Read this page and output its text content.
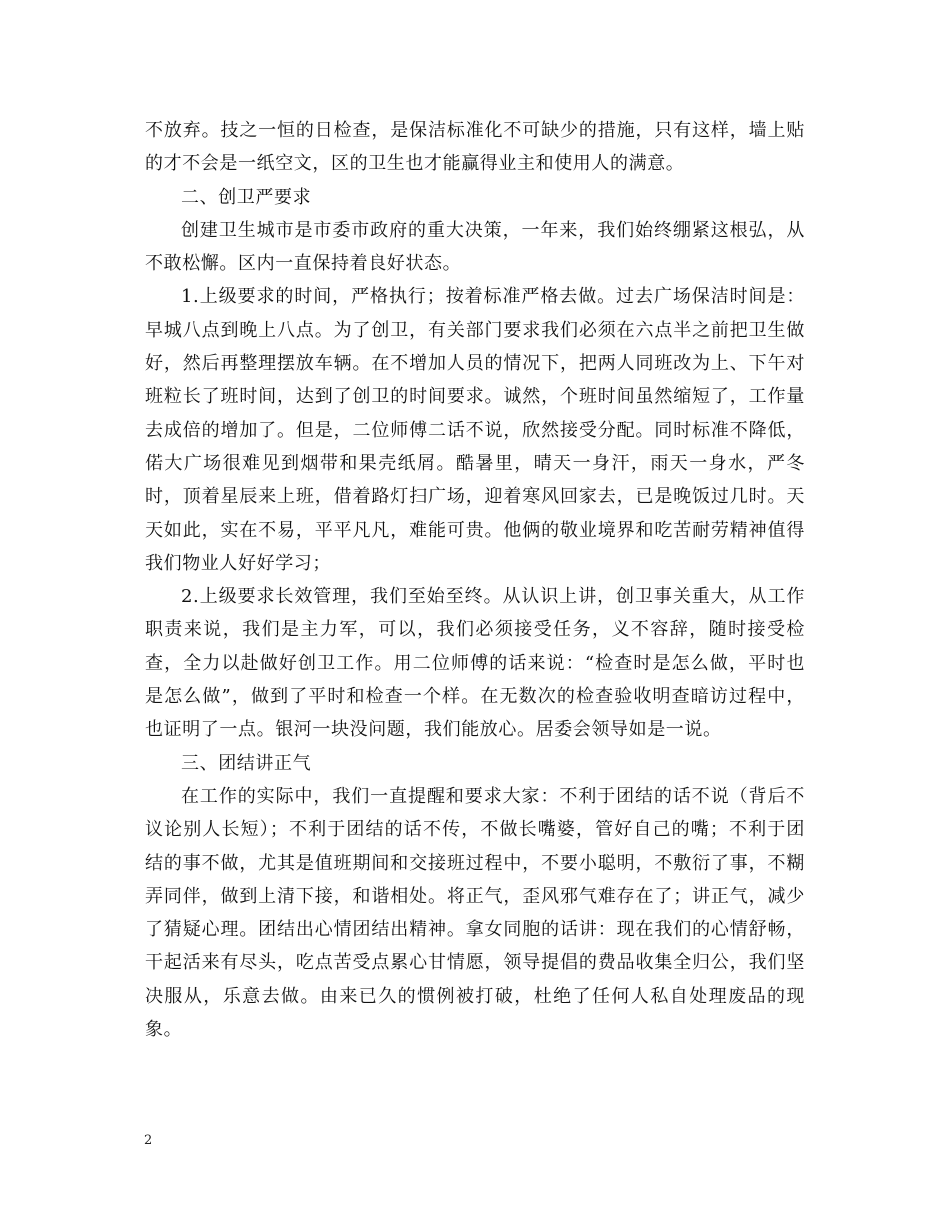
不放弃。技之一恒的日检查，是保洁标准化不可缺少的措施，只有这样，墙上贴的才不会是一纸空文，区的卫生也才能赢得业主和使用人的满意。

二、创卫严要求

创建卫生城市是市委市政府的重大决策，一年来，我们始终绷紧这根弘，从不敢松懈。区内一直保持着良好状态。

1.上级要求的时间，严格执行；按着标准严格去做。过去广场保洁时间是：早城八点到晚上八点。为了创卫，有关部门要求我们必须在六点半之前把卫生做好，然后再整理摆放车辆。在不增加人员的情况下，把两人同班改为上、下午对班粒长了班时间，达到了创卫的时间要求。诚然，个班时间虽然缩短了，工作量去成倍的增加了。但是，二位师傅二话不说，欣然接受分配。同时标准不降低，偌大广场很难见到烟带和果壳纸屑。酷暑里，晴天一身汗，雨天一身水，严冬时，顶着星辰来上班，借着路灯扫广场，迎着寒风回家去，已是晚饭过几时。天天如此，实在不易，平平凡凡，难能可贵。他俩的敬业境界和吃苦耐劳精神值得我们物业人好好学习；

2.上级要求长效管理，我们至始至终。从认识上讲，创卫事关重大，从工作职责来说，我们是主力军，可以，我们必须接受任务，义不容辞，随时接受检查，全力以赴做好创卫工作。用二位师傅的话来说：“检查时是怎么做，平时也是怎么做”，做到了平时和检查一个样。在无数次的检查验收明查暗访过程中，也证明了一点。银河一块没问题，我们能放心。居委会领导如是一说。

三、团结讲正气

在工作的实际中，我们一直提醒和要求大家：不利于团结的话不说（背后不议论别人长短）；不利于团结的话不传，不做长嘴婆，管好自己的嘴；不利于团结的事不做，尤其是值班期间和交接班过程中，不要小聪明，不敷衍了事，不糊弄同伴，做到上清下接，和谐相处。将正气，歪风邪气难存在了；讲正气，减少了猜疑心理。团结出心情团结出精神。拿女同胞的话讲：现在我们的心情舒畅，干起活来有尽头，吃点苦受点累心甘情愿，领导提倡的费品收集全归公，我们坚决服从，乐意去做。由来已久的惯例被打破，杜绝了任何人私自处理废品的现象。

2
